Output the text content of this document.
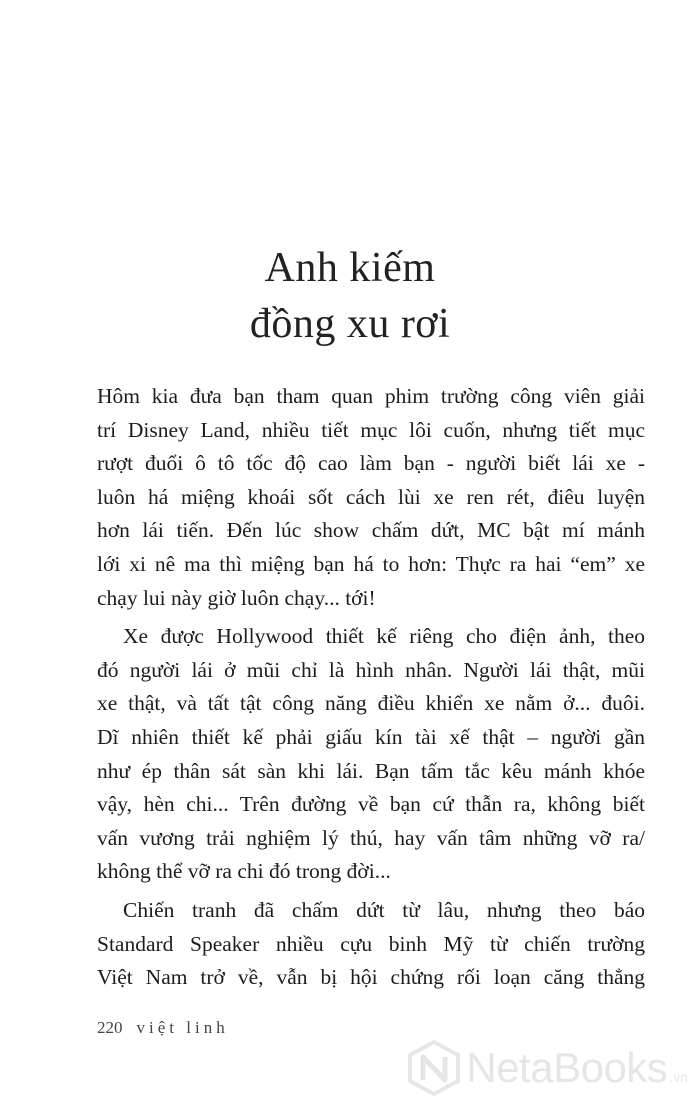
Anh kiếm
đồng xu rơi

Hôm kia đưa bạn tham quan phim trường công viên giải
trí Disney Land, nhiều tiết mục lôi cuốn, nhưng tiết mục
rượt đuổi ô tô tốc độ cao làm bạn - người biết lái xe -
luôn há miệng khoái sốt cách lùi xe ren rét, điêu luyện
hơn lái tiến. Đến lúc show chấm dứt, MC bật mí mánh
lới xi nê ma thì miệng bạn há to hơn: Thực ra hai “em” xe
chạy lui này giờ luôn chạy... tới!

Xe được Hollywood thiết kế riêng cho điện ảnh, theo
đó người lái ở mũi chỉ là hình nhân. Người lái thật, mũi
xe thật, và tất tật công năng điều khiển xe nằm ở... đuôi.
Dĩ nhiên thiết kế phải giấu kín tài xế thật – người gần
như ép thân sát sàn khi lái. Bạn tấm tắc kêu mánh khóe
vậy, hèn chi... Trên đường về bạn cứ thẫn ra, không biết
vấn vương trải nghiệm lý thú, hay vấn tâm những vỡ ra/
không thể vỡ ra chi đó trong đời...

Chiến tranh đã chấm dứt từ lâu, nhưng theo báo
Standard Speaker nhiều cựu binh Mỹ từ chiến trường
Việt Nam trở về, vẫn bị hội chứng rối loạn căng thẳng

220 việt linh
NetaBooks .vn
